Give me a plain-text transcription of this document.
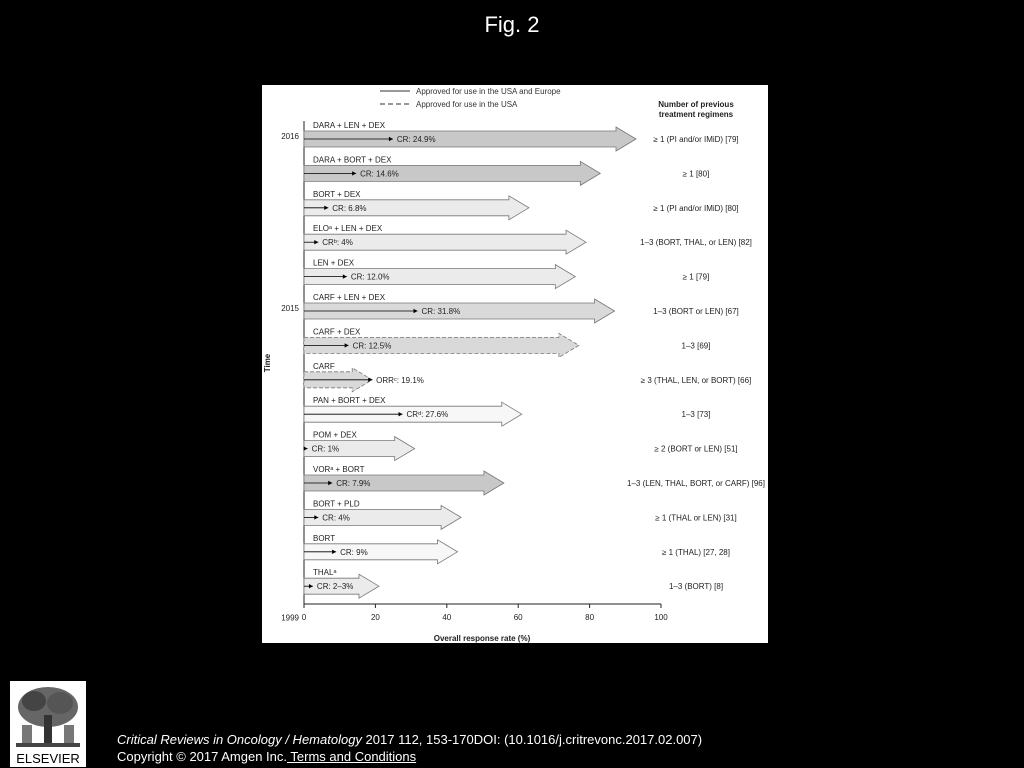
Fig. 2
Approved for use in the USA and Europe
Approved for use in the USA	Number of previous
treatment regimens
Time
Overall response rate (%)
0	20	40	60	80	100
2016
2015
1999
DARA + LEN + DEX
CR: 24.9%	≥ 1 (PI and/or IMiD) [79]
DARA + BORT + DEX
CR: 14.6%	≥ 1 [80]
BORT + DEX
CR: 6.8%	≥ 1 (PI and/or IMiD) [80]
ELOᵃ + LEN + DEX
CRᵇ: 4%	1–3 (BORT, THAL, or LEN) [82]
LEN + DEX
CR: 12.0%	≥ 1 [79]
CARF + LEN + DEX
CR: 31.8%	1–3 (BORT or LEN) [67]
CARF + DEX
CR: 12.5%	1–3 [69]
CARF
ORRᶜ: 19.1%	≥ 3 (THAL, LEN, or BORT) [66]
PAN + BORT + DEX
CRᵈ: 27.6%	1–3 [73]
POM + DEX
CR: 1%	≥ 2 (BORT or LEN) [51]
VORᵃ + BORT
CR: 7.9%	1–3 (LEN, THAL, BORT, or CARF) [96]
BORT + PLD
CR: 4%	≥ 1 (THAL or LEN) [31]
BORT
CR: 9%	≥ 1 (THAL) [27, 28]
THALᵃ
CR: 2–3%	1–3 (BORT) [8]
ELSEVIER
Critical Reviews in Oncology / Hematology 2017 112, 153-170DOI: (10.1016/j.critrevonc.2017.02.007)
Copyright © 2017 Amgen Inc. Terms and Conditions
